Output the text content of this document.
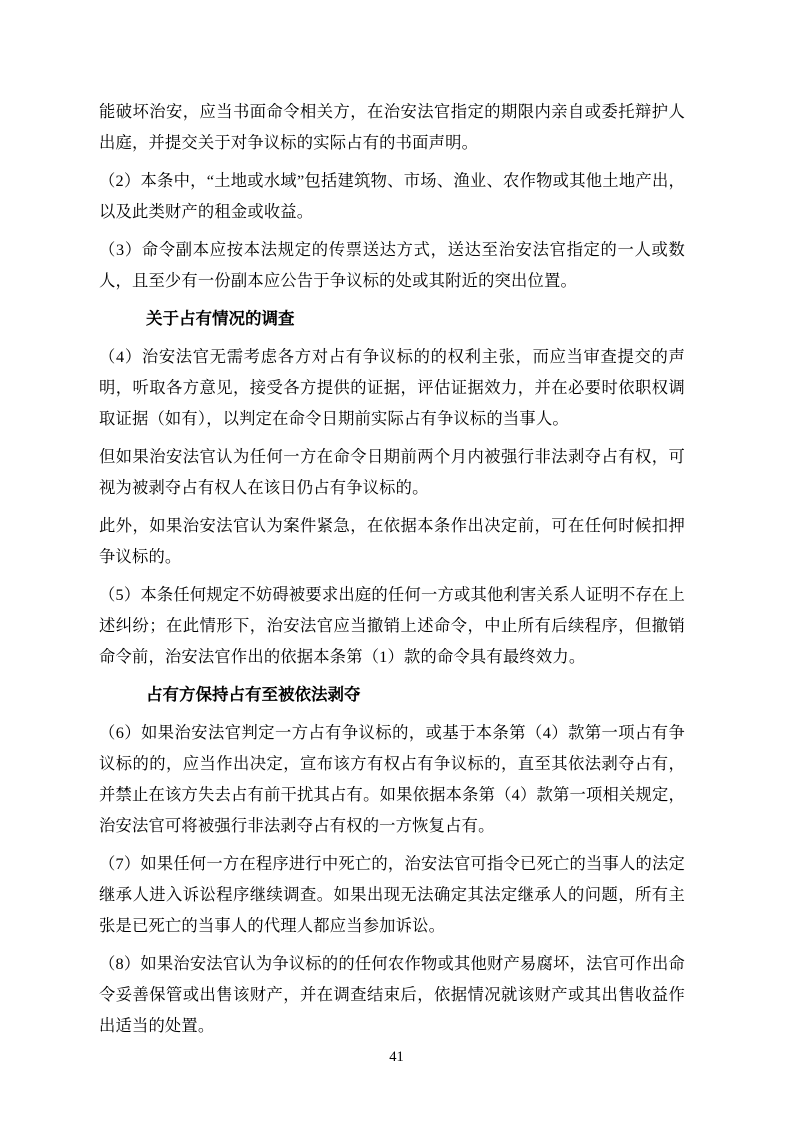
能破坏治安，应当书面命令相关方，在治安法官指定的期限内亲自或委托辩护人出庭，并提交关于对争议标的实际占有的书面声明。

（2）本条中，“土地或水域”包括建筑物、市场、渔业、农作物或其他土地产出，以及此类财产的租金或收益。

（3）命令副本应按本法规定的传票送达方式，送达至治安法官指定的一人或数人，且至少有一份副本应公告于争议标的处或其附近的突出位置。

关于占有情况的调查

（4）治安法官无需考虑各方对占有争议标的的权利主张，而应当审查提交的声明，听取各方意见，接受各方提供的证据，评估证据效力，并在必要时依职权调取证据（如有），以判定在命令日期前实际占有争议标的当事人。

但如果治安法官认为任何一方在命令日期前两个月内被强行非法剥夺占有权，可视为被剥夺占有权人在该日仍占有争议标的。

此外，如果治安法官认为案件紧急，在依据本条作出决定前，可在任何时候扣押争议标的。

（5）本条任何规定不妨碍被要求出庭的任何一方或其他利害关系人证明不存在上述纠纷；在此情形下，治安法官应当撤销上述命令，中止所有后续程序，但撤销命令前，治安法官作出的依据本条第（1）款的命令具有最终效力。

占有方保持占有至被依法剥夺

（6）如果治安法官判定一方占有争议标的，或基于本条第（4）款第一项占有争议标的的，应当作出决定，宣布该方有权占有争议标的，直至其依法剥夺占有，并禁止在该方失去占有前干扰其占有。如果依据本条第（4）款第一项相关规定，治安法官可将被强行非法剥夺占有权的一方恢复占有。

（7）如果任何一方在程序进行中死亡的，治安法官可指令已死亡的当事人的法定继承人进入诉讼程序继续调查。如果出现无法确定其法定继承人的问题，所有主张是已死亡的当事人的代理人都应当参加诉讼。

（8）如果治安法官认为争议标的的任何农作物或其他财产易腐坏，法官可作出命令妥善保管或出售该财产，并在调查结束后，依据情况就该财产或其出售收益作出适当的处置。

41
